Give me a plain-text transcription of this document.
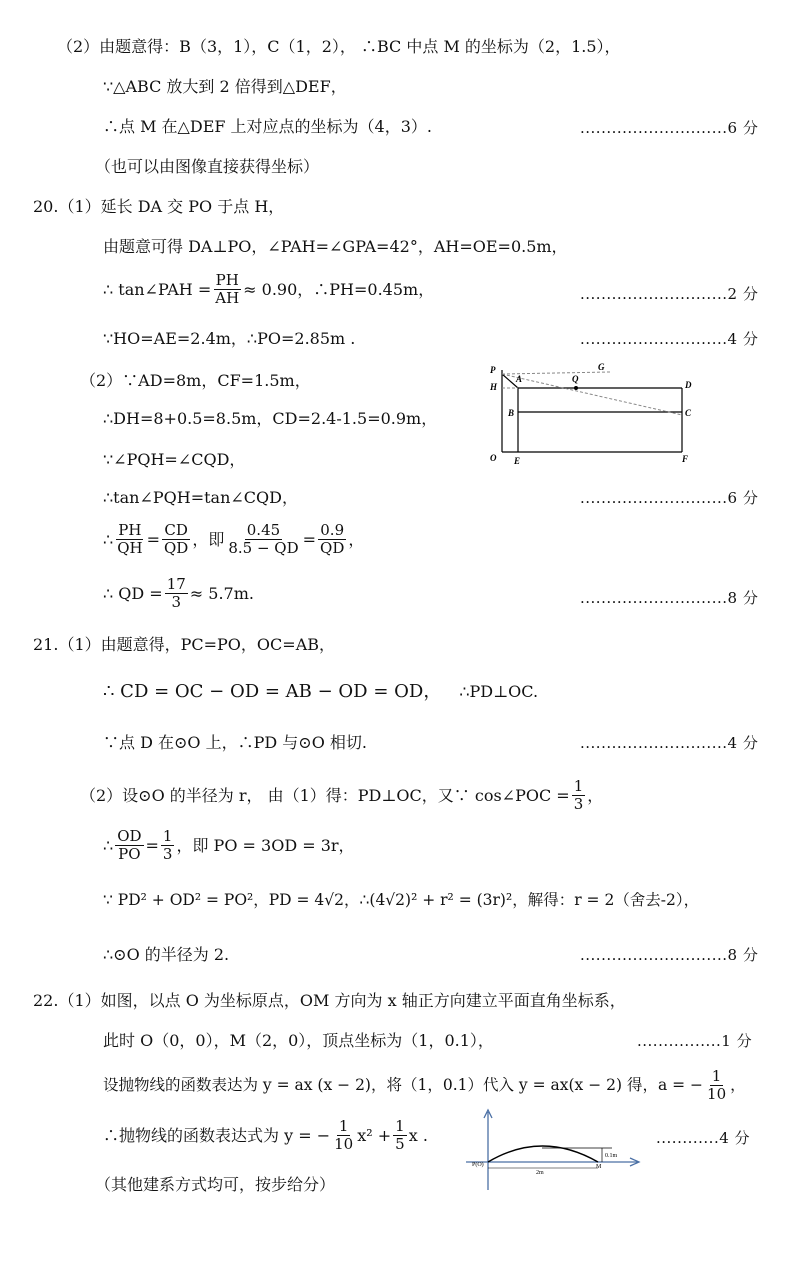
（2）由题意得：B（3，1），C（1，2）， ∴BC 中点 M 的坐标为（2，1.5），
∵△ABC 放大到 2 倍得到△DEF，
∴点 M 在△DEF 上对应点的坐标为（4，3）.	............................6 分
（也可以由图像直接获得坐标）
20.（1）延长 DA 交 PO 于点 H，
由题意可得 DA⊥PO，∠PAH=∠GPA=42°，AH=OE=0.5m，
∴ tan∠PAH = $\frac{PH}{AH} \approx 0.90$，∴PH=0.45m，	............................2 分
∵HO=AE=2.4m，∴PO=2.85m .	............................4 分
（2）∵AD=8m，CF=1.5m，
∴DH=8+0.5=8.5m，CD=2.4-1.5=0.9m，
∵∠PQH=∠CQD，
∴tan∠PQH=tan∠CQD，	............................6 分
∴ $\frac{PH}{QH} = \frac{CD}{QD}$ ，即 $\frac{0.45}{8.5 - QD} = \frac{0.9}{QD}$ ，
∴ QD = $\frac{17}{3} \approx 5.7m$.	............................8 分
P	G
H
A	Q
D
B	C
O E	F
21.（1）由题意得，PC=PO，OC=AB，
∴ CD = OC − OD = AB − OD = OD， ∴PD⊥OC.
∵点 D 在⊙O 上，∴PD 与⊙O 相切.	............................4 分
（2）设⊙O 的半径为 r， 由（1）得：PD⊥OC，又∵ cos∠POC = $\frac{1}{3}$ ，
∴ $\frac{OD}{PO} = \frac{1}{3}$ ，即 PO = 3OD = 3r，
∵ PD² + OD² = PO²，PD = 4√2，∴(4√2)² + r² = (3r)²，解得：r = 2（舍去-2），
∴⊙O 的半径为 2.	............................8 分
22.（1）如图，以点 O 为坐标原点，OM 方向为 x 轴正方向建立平面直角坐标系，
此时 O（0，0），M（2，0），顶点坐标为（1，0.1），	................1 分
设抛物线的函数表达为 y = ax (x − 2)，将（1，0.1）代入 y = ax(x − 2) 得，a = − $\frac{1}{10}$ ，
∴抛物线的函数表达式为 y = − $\frac{1}{10} x^2 + \frac{1}{5}$ x .	............4 分
（其他建系方式均可，按步给分）
P(O)	M
0.1m
2m
